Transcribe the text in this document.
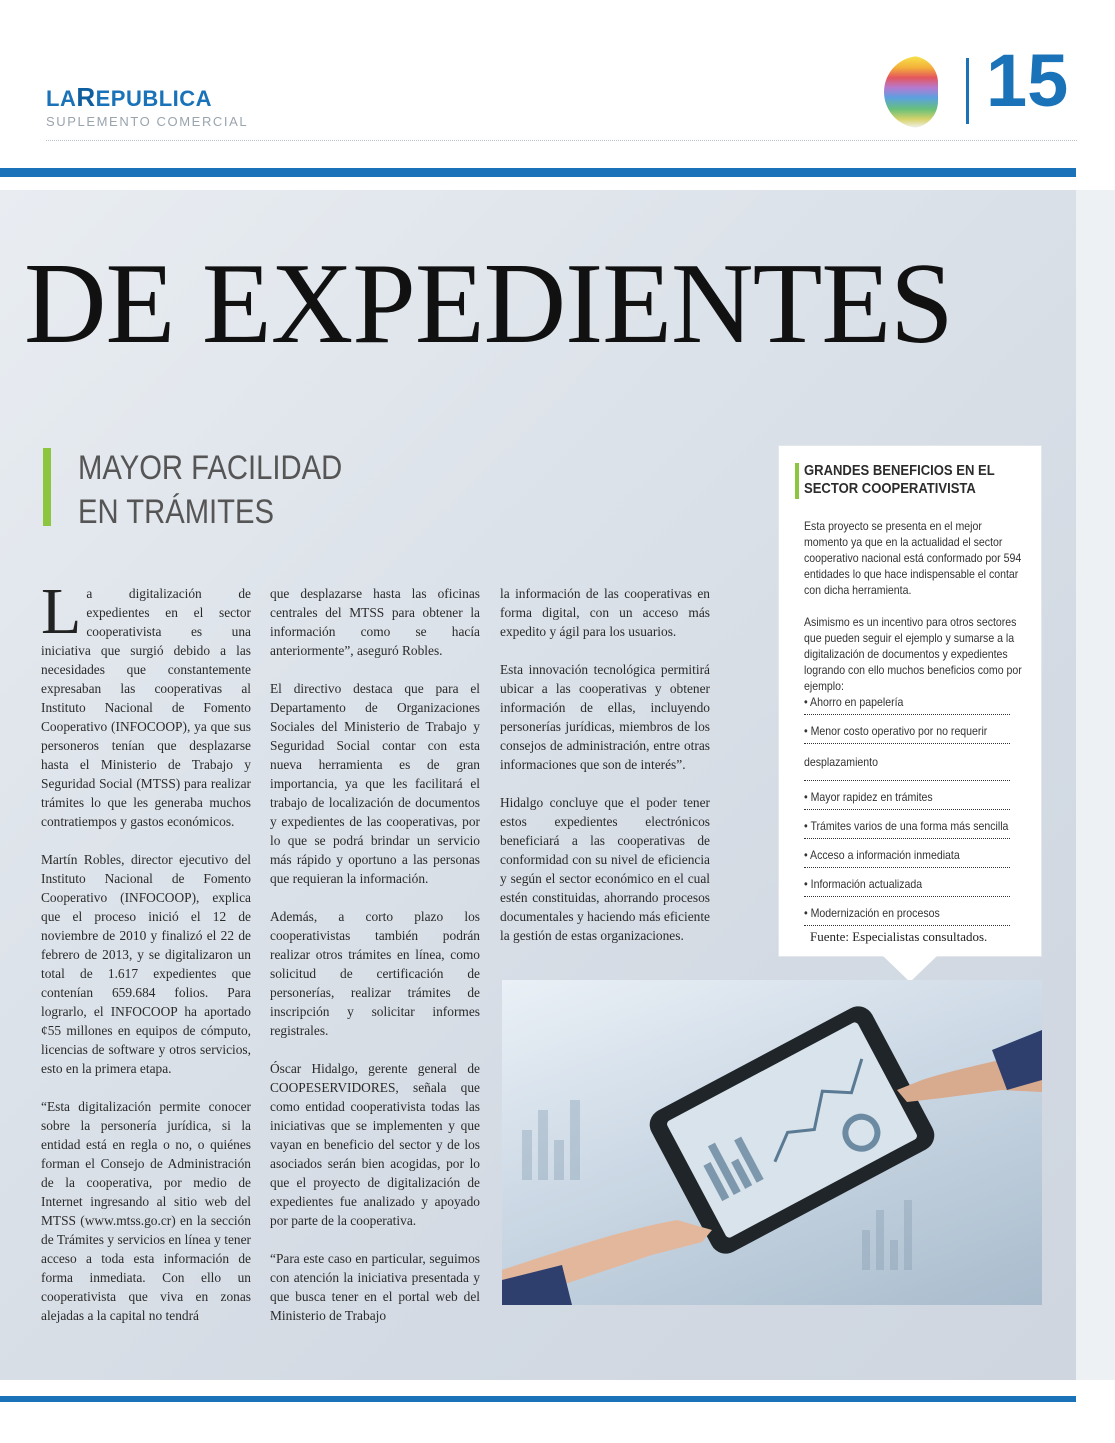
LAREPUBLICA
SUPLEMENTO COMERCIAL	15
DE EXPEDIENTES
MAYOR FACILIDAD
EN TRÁMITES

La digitalización de expedientes en el sector cooperativista es una iniciativa que surgió debido a las necesidades que constantemente expresaban las cooperativas al Instituto Nacional de Fomento Cooperativo (INFOCOOP), ya que sus personeros tenían que desplazarse hasta el Ministerio de Trabajo y Seguridad Social (MTSS) para realizar trámites lo que les generaba muchos contratiempos y gastos económicos.

Martín Robles, director ejecutivo del Instituto Nacional de Fomento Cooperativo (INFOCOOP), explica que el proceso inició el 12 de noviembre de 2010 y finalizó el 22 de febrero de 2013, y se digitalizaron un total de 1.617 expedientes que contenían 659.684 folios. Para lograrlo, el INFOCOOP ha aportado ¢55 millones en equipos de cómputo, licencias de software y otros servicios, esto en la primera etapa.

“Esta digitalización permite conocer sobre la personería jurídica, si la entidad está en regla o no, o quiénes forman el Consejo de Administración de la cooperativa, por medio de Internet ingresando al sitio web del MTSS (www.mtss.go.cr) en la sección de Trámites y servicios en línea y tener acceso a toda esta información de forma inmediata. Con ello un cooperativista que viva en zonas alejadas a la capital no tendrá

que desplazarse hasta las oficinas centrales del MTSS para obtener la información como se hacía anteriormente”, aseguró Robles.

El directivo destaca que para el Departamento de Organizaciones Sociales del Ministerio de Trabajo y Seguridad Social contar con esta nueva herramienta es de gran importancia, ya que les facilitará el trabajo de localización de documentos y expedientes de las cooperativas, por lo que se podrá brindar un servicio más rápido y oportuno a las personas que requieran la información.

Además, a corto plazo los cooperativistas también podrán realizar otros trámites en línea, como solicitud de certificación de personerías, realizar trámites de inscripción y solicitar informes registrales.

Óscar Hidalgo, gerente general de COOPESERVIDORES, señala que como entidad cooperativista todas las iniciativas que se implementen y que vayan en beneficio del sector y de los asociados serán bien acogidas, por lo que el proyecto de digitalización de expedientes fue analizado y apoyado por parte de la cooperativa.

“Para este caso en particular, seguimos con atención la iniciativa presentada y que busca tener en el portal web del Ministerio de Trabajo

la información de las cooperativas en forma digital, con un acceso más expedito y ágil para los usuarios.

Esta innovación tecnológica permitirá ubicar a las cooperativas y obtener información de ellas, incluyendo personerías jurídicas, miembros de los consejos de administración, entre otras informaciones que son de interés”.

Hidalgo concluye que el poder tener estos expedientes electrónicos beneficiará a las cooperativas de conformidad con su nivel de eficiencia y según el sector económico en el cual estén constituidas, ahorrando procesos documentales y haciendo más eficiente la gestión de estas organizaciones.

GRANDES BENEFICIOS EN EL SECTOR COOPERATIVISTA
Esta proyecto se presenta en el mejor momento ya que en la actualidad el sector cooperativo nacional está conformado por 594 entidades lo que hace indispensable el contar con dicha herramienta.
Asimismo es un incentivo para otros sectores que pueden seguir el ejemplo y sumarse a la digitalización de documentos y expedientes logrando con ello muchos beneficios como por ejemplo:
• Ahorro en papelería
• Menor costo operativo por no requerir
desplazamiento
• Mayor rapidez en trámites
• Trámites varios de una forma más sencilla
• Acceso a información inmediata
• Información actualizada
• Modernización en procesos
Fuente: Especialistas consultados.
